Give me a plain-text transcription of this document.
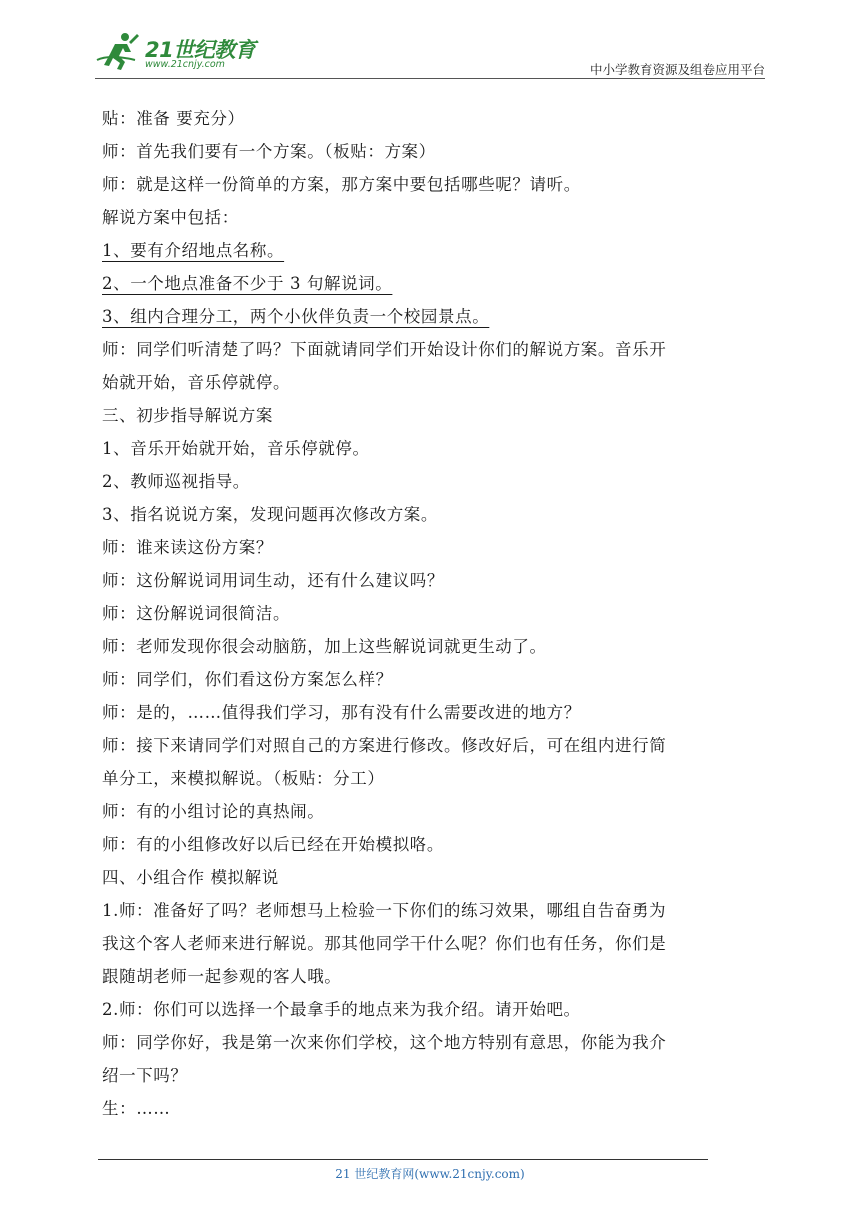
21世纪教育
www.21cnjy.com	中小学教育资源及组卷应用平台

贴：准备 要充分）

师：首先我们要有一个方案。（板贴：方案）

师：就是这样一份简单的方案，那方案中要包括哪些呢？请听。

解说方案中包括：

1、要有介绍地点名称。

2、一个地点准备不少于 3 句解说词。

3、组内合理分工，两个小伙伴负责一个校园景点。

师：同学们听清楚了吗？下面就请同学们开始设计你们的解说方案。音乐开

始就开始，音乐停就停。

三、初步指导解说方案

1、音乐开始就开始，音乐停就停。

2、教师巡视指导。

3、指名说说方案，发现问题再次修改方案。

师：谁来读这份方案？

师：这份解说词用词生动，还有什么建议吗？

师：这份解说词很简洁。

师：老师发现你很会动脑筋，加上这些解说词就更生动了。

师：同学们，你们看这份方案怎么样？

师：是的，……值得我们学习，那有没有什么需要改进的地方？

师：接下来请同学们对照自己的方案进行修改。修改好后，可在组内进行简

单分工，来模拟解说。（板贴：分工）

师：有的小组讨论的真热闹。

师：有的小组修改好以后已经在开始模拟咯。

四、小组合作 模拟解说

1.师：准备好了吗？老师想马上检验一下你们的练习效果，哪组自告奋勇为

我这个客人老师来进行解说。那其他同学干什么呢？你们也有任务，你们是

跟随胡老师一起参观的客人哦。

2.师：你们可以选择一个最拿手的地点来为我介绍。请开始吧。

师：同学你好，我是第一次来你们学校，这个地方特别有意思，你能为我介

绍一下吗？

生：……

21 世纪教育网(www.21cnjy.com)
